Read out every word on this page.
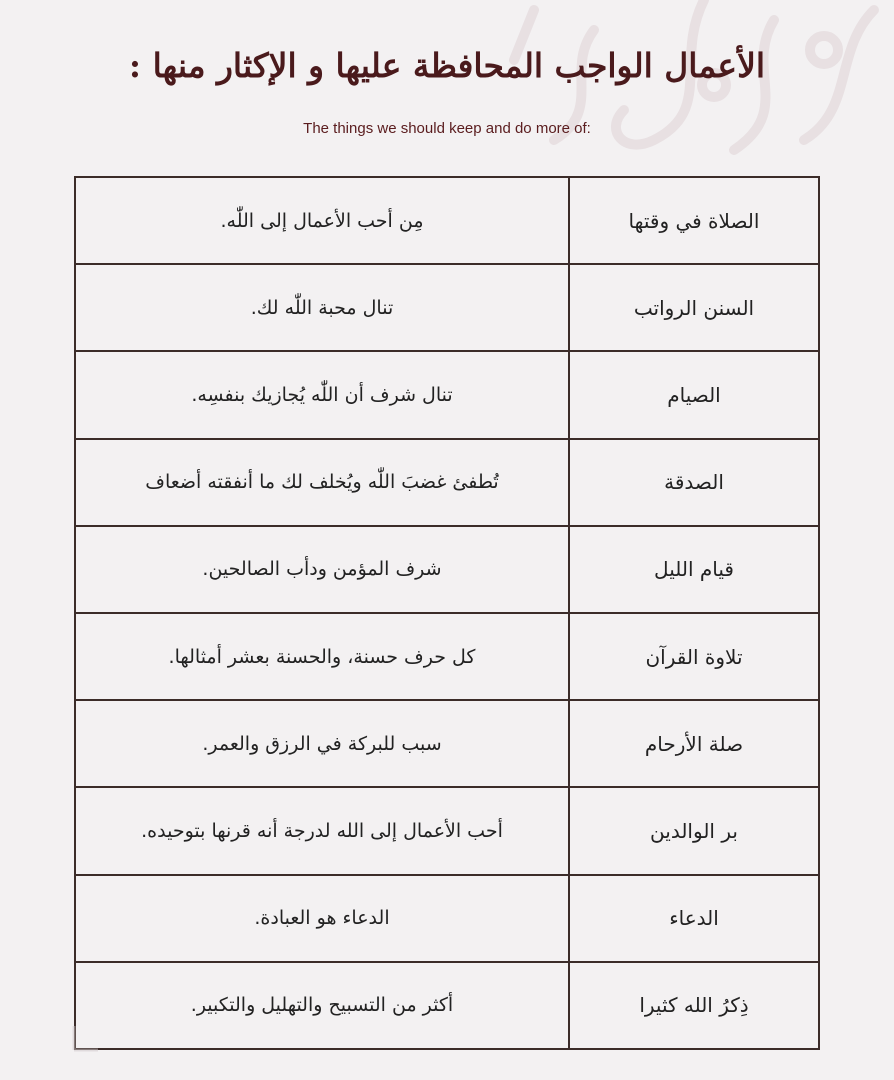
الأعمال الواجب المحافظة عليها و الإكثار منها :
The things we should keep and do more of:
الصلاة في وقتها	مِن أحب الأعمال إلى اللّٰه.
السنن الرواتب	تنال محبة اللّٰه لك.
الصيام	تنال شرف أن اللّٰه يُجازيك بنفسِه.
الصدقة	تُطفئ غضبَ اللّٰه ويُخلف لك ما أنفقته أضعاف
قيام الليل	شرف المؤمن ودأب الصالحين.
تلاوة القرآن	كل حرف حسنة، والحسنة بعشر أمثالها.
صلة الأرحام	سبب للبركة في الرزق والعمر.
بر الوالدين	أحب الأعمال إلى الله لدرجة أنه قرنها بتوحيده.
الدعاء	الدعاء هو العبادة.
ذِكرُ الله كثيرا	أكثر من التسبيح والتهليل والتكبير.
